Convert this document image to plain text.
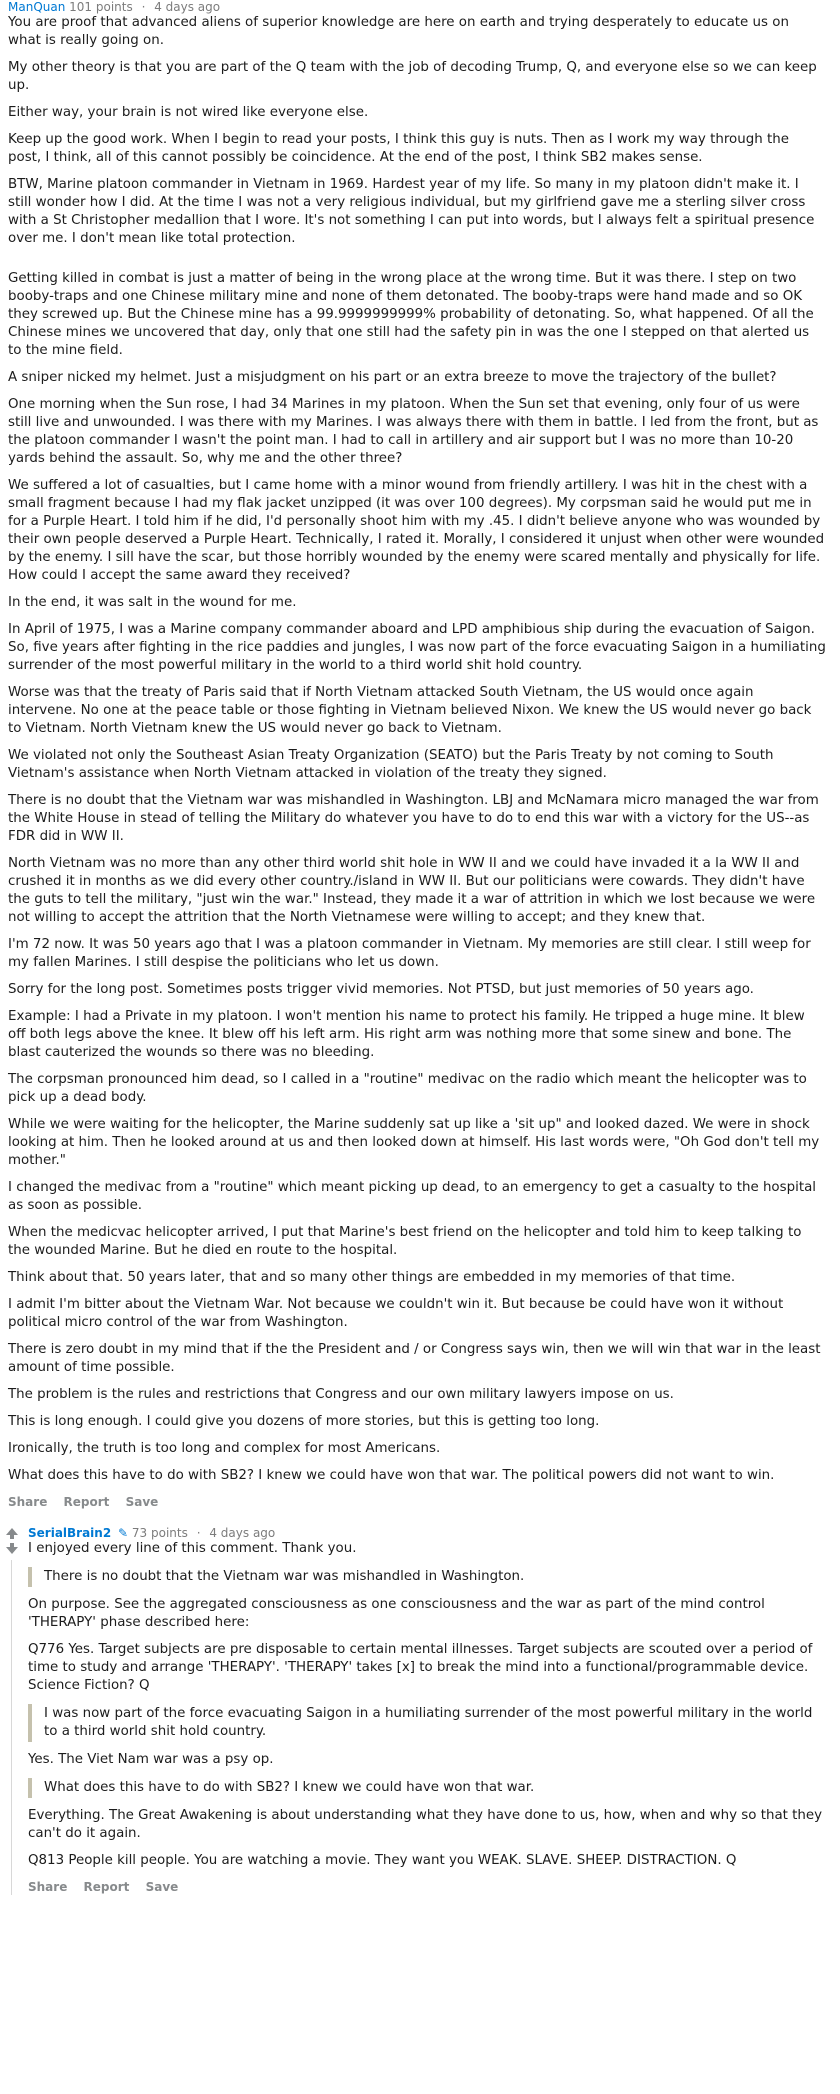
ManQuan 101 points · 4 days ago

You are proof that advanced aliens of superior knowledge are here on earth and trying desperately to educate us on what is really going on.

My other theory is that you are part of the Q team with the job of decoding Trump, Q, and everyone else so we can keep up.

Either way, your brain is not wired like everyone else.

Keep up the good work. When I begin to read your posts, I think this guy is nuts. Then as I work my way through the post, I think, all of this cannot possibly be coincidence. At the end of the post, I think SB2 makes sense.

BTW, Marine platoon commander in Vietnam in 1969. Hardest year of my life. So many in my platoon didn't make it. I still wonder how I did. At the time I was not a very religious individual, but my girlfriend gave me a sterling silver cross with a St Christopher medallion that I wore. It's not something I can put into words, but I always felt a spiritual presence over me. I don't mean like total protection.

Getting killed in combat is just a matter of being in the wrong place at the wrong time. But it was there. I step on two booby-traps and one Chinese military mine and none of them detonated. The booby-traps were hand made and so OK they screwed up. But the Chinese mine has a 99.9999999999% probability of detonating. So, what happened. Of all the Chinese mines we uncovered that day, only that one still had the safety pin in was the one I stepped on that alerted us to the mine field.

A sniper nicked my helmet. Just a misjudgment on his part or an extra breeze to move the trajectory of the bullet?

One morning when the Sun rose, I had 34 Marines in my platoon. When the Sun set that evening, only four of us were still live and unwounded. I was there with my Marines. I was always there with them in battle. I led from the front, but as the platoon commander I wasn't the point man. I had to call in artillery and air support but I was no more than 10-20 yards behind the assault. So, why me and the other three?

We suffered a lot of casualties, but I came home with a minor wound from friendly artillery. I was hit in the chest with a small fragment because I had my flak jacket unzipped (it was over 100 degrees). My corpsman said he would put me in for a Purple Heart. I told him if he did, I'd personally shoot him with my .45. I didn't believe anyone who was wounded by their own people deserved a Purple Heart. Technically, I rated it. Morally, I considered it unjust when other were wounded by the enemy. I sill have the scar, but those horribly wounded by the enemy were scared mentally and physically for life. How could I accept the same award they received?

In the end, it was salt in the wound for me.

In April of 1975, I was a Marine company commander aboard and LPD amphibious ship during the evacuation of Saigon. So, five years after fighting in the rice paddies and jungles, I was now part of the force evacuating Saigon in a humiliating surrender of the most powerful military in the world to a third world shit hold country.

Worse was that the treaty of Paris said that if North Vietnam attacked South Vietnam, the US would once again intervene. No one at the peace table or those fighting in Vietnam believed Nixon. We knew the US would never go back to Vietnam. North Vietnam knew the US would never go back to Vietnam.

We violated not only the Southeast Asian Treaty Organization (SEATO) but the Paris Treaty by not coming to South Vietnam's assistance when North Vietnam attacked in violation of the treaty they signed.

There is no doubt that the Vietnam war was mishandled in Washington. LBJ and McNamara micro managed the war from the White House in stead of telling the Military do whatever you have to do to end this war with a victory for the US--as FDR did in WW II.

North Vietnam was no more than any other third world shit hole in WW II and we could have invaded it a la WW II and crushed it in months as we did every other country./island in WW II. But our politicians were cowards. They didn't have the guts to tell the military, "just win the war." Instead, they made it a war of attrition in which we lost because we were not willing to accept the attrition that the North Vietnamese were willing to accept; and they knew that.

I'm 72 now. It was 50 years ago that I was a platoon commander in Vietnam. My memories are still clear. I still weep for my fallen Marines. I still despise the politicians who let us down.

Sorry for the long post. Sometimes posts trigger vivid memories. Not PTSD, but just memories of 50 years ago.

Example: I had a Private in my platoon. I won't mention his name to protect his family. He tripped a huge mine. It blew off both legs above the knee. It blew off his left arm. His right arm was nothing more that some sinew and bone. The blast cauterized the wounds so there was no bleeding.

The corpsman pronounced him dead, so I called in a "routine" medivac on the radio which meant the helicopter was to pick up a dead body.

While we were waiting for the helicopter, the Marine suddenly sat up like a 'sit up" and looked dazed. We were in shock looking at him. Then he looked around at us and then looked down at himself. His last words were, "Oh God don't tell my mother."

I changed the medivac from a "routine" which meant picking up dead, to an emergency to get a casualty to the hospital as soon as possible.

When the medicvac helicopter arrived, I put that Marine's best friend on the helicopter and told him to keep talking to the wounded Marine. But he died en route to the hospital.

Think about that. 50 years later, that and so many other things are embedded in my memories of that time.

I admit I'm bitter about the Vietnam War. Not because we couldn't win it. But because be could have won it without political micro control of the war from Washington.

There is zero doubt in my mind that if the the President and / or Congress says win, then we will win that war in the least amount of time possible.

The problem is the rules and restrictions that Congress and our own military lawyers impose on us.

This is long enough. I could give you dozens of more stories, but this is getting too long.

Ironically, the truth is too long and complex for most Americans.

What does this have to do with SB2? I knew we could have won that war. The political powers did not want to win.

Share Report Save
SerialBrain2 ✎ 73 points · 4 days ago

I enjoyed every line of this comment. Thank you.

There is no doubt that the Vietnam war was mishandled in Washington.

On purpose. See the aggregated consciousness as one consciousness and the war as part of the mind control 'THERAPY' phase described here:

Q776 Yes. Target subjects are pre disposable to certain mental illnesses. Target subjects are scouted over a period of time to study and arrange 'THERAPY'. 'THERAPY' takes [x] to break the mind into a functional/programmable device. Science Fiction? Q

I was now part of the force evacuating Saigon in a humiliating surrender of the most powerful military in the world to a third world shit hold country.

Yes. The Viet Nam war was a psy op.

What does this have to do with SB2? I knew we could have won that war.

Everything. The Great Awakening is about understanding what they have done to us, how, when and why so that they can't do it again.

Q813 People kill people. You are watching a movie. They want you WEAK. SLAVE. SHEEP. DISTRACTION. Q

Share Report Save
